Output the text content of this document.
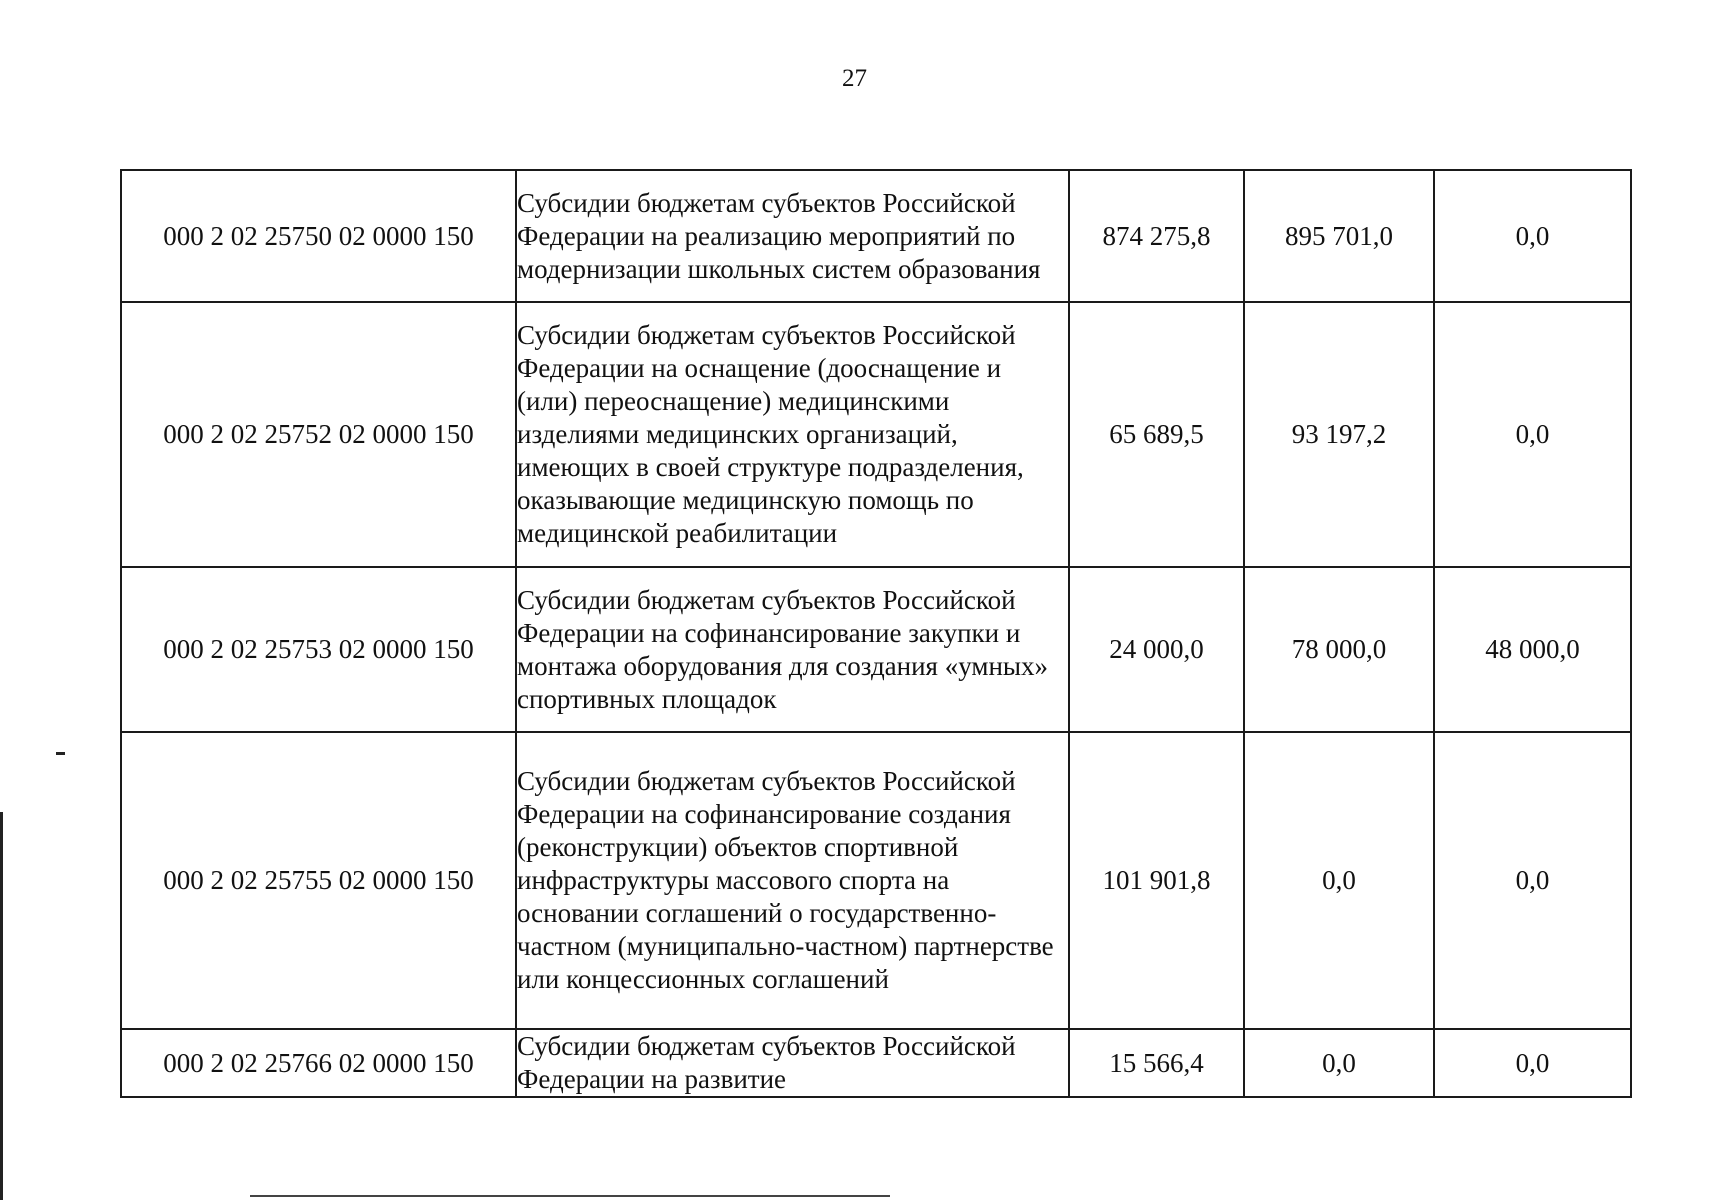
27
000 2 02 25750 02 0000 150	Субсидии бюджетам субъектов Российской Федерации на реализацию мероприятий по модернизации школьных систем образования	874 275,8	895 701,0	0,0
000 2 02 25752 02 0000 150	Субсидии бюджетам субъектов Российской Федерации на оснащение (дооснащение и (или) переоснащение) медицинскими изделиями медицинских организаций, имеющих в своей структуре подразделения, оказывающие медицинскую помощь по медицинской реабилитации	65 689,5	93 197,2	0,0
000 2 02 25753 02 0000 150	Субсидии бюджетам субъектов Российской Федерации на софинансирование закупки и монтажа оборудования для создания «умных» спортивных площадок	24 000,0	78 000,0	48 000,0
000 2 02 25755 02 0000 150	Субсидии бюджетам субъектов Российской Федерации на софинансирование создания (реконструкции) объектов спортивной инфраструктуры массового спорта на основании соглашений о государственно-частном (муниципально-частном) партнерстве или концессионных соглашений	101 901,8	0,0	0,0
000 2 02 25766 02 0000 150	Субсидии бюджетам субъектов Российской Федерации на развитие	15 566,4	0,0	0,0
